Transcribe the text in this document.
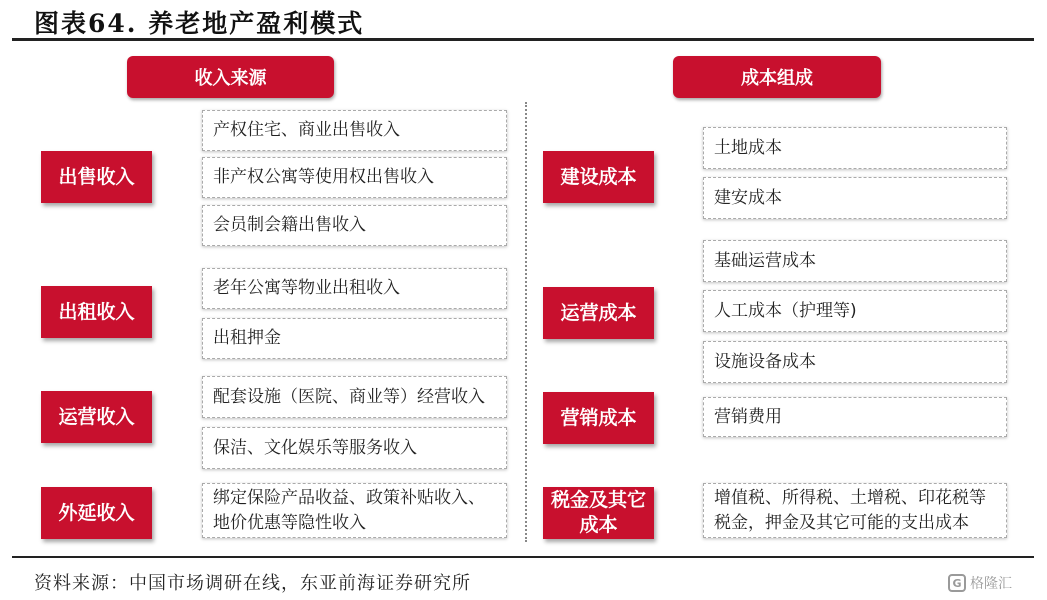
图表64. 养老地产盈利模式
收入来源
出售收入
产权住宅、商业出售收入
非产权公寓等使用权出售收入
会员制会籍出售收入
出租收入
老年公寓等物业出租收入
出租押金
运营收入
配套设施（医院、商业等）经营收入
保洁、文化娱乐等服务收入
外延收入
绑定保险产品收益、政策补贴收入、地价优惠等隐性收入
成本组成
建设成本
土地成本
建安成本
运营成本
基础运营成本
人工成本（护理等)
设施设备成本
营销成本	营销费用
税金及其它成本
增值税、所得税、土增税、印花税等税金，押金及其它可能的支出成本
资料来源：中国市场调研在线，东亚前海证券研究所	G 格隆汇
